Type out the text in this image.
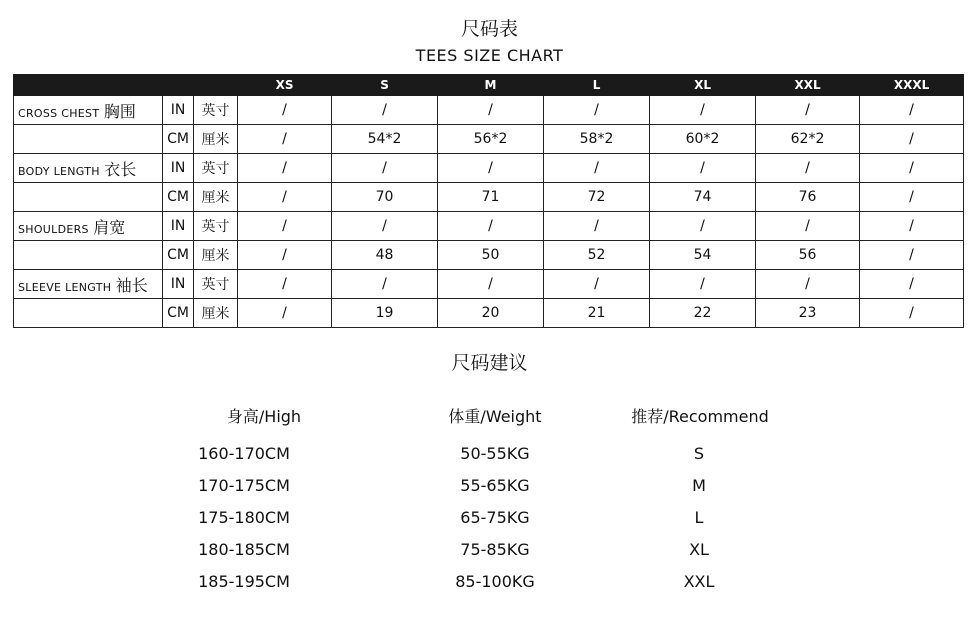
尺码表
TEES SIZE CHART
			XS	S	M	L	XL	XXL	XXXL
CROSS CHEST 胸围	IN	英寸	/	/	/	/	/	/	/
	CM	厘米	/	54*2	56*2	58*2	60*2	62*2	/
BODY LENGTH 衣长	IN	英寸	/	/	/	/	/	/	/
	CM	厘米	/	70	71	72	74	76	/
SHOULDERS 肩宽	IN	英寸	/	/	/	/	/	/	/
	CM	厘米	/	48	50	52	54	56	/
SLEEVE LENGTH 袖长	IN	英寸	/	/	/	/	/	/	/
	CM	厘米	/	19	20	21	22	23	/
尺码建议
身高/High	体重/Weight	推荐/Recommend
160-170CM	50-55KG	S
170-175CM	55-65KG	M
175-180CM	65-75KG	L
180-185CM	75-85KG	XL
185-195CM	85-100KG	XXL
